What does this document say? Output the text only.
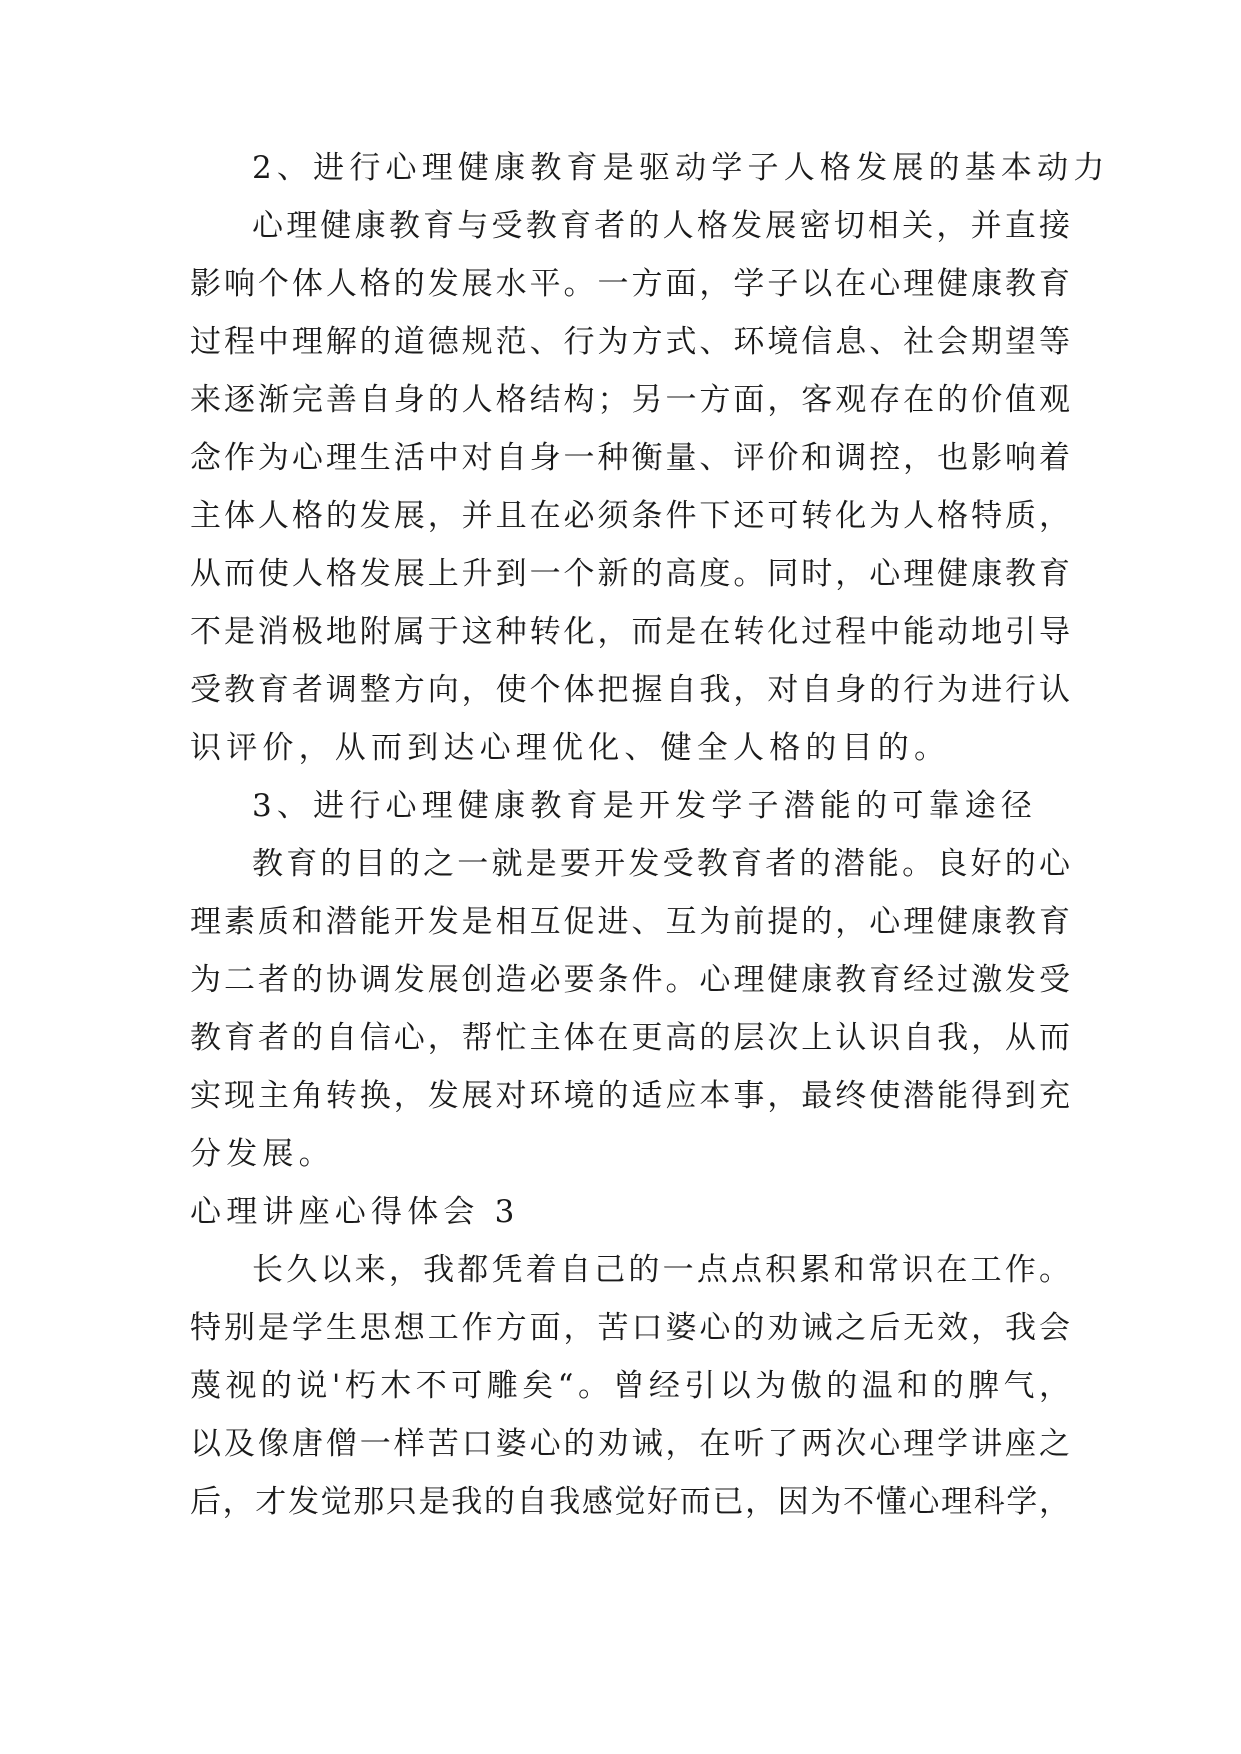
2、进行心理健康教育是驱动学子人格发展的基本动力
心理健康教育与受教育者的人格发展密切相关，并直接
影响个体人格的发展水平。一方面，学子以在心理健康教育
过程中理解的道德规范、行为方式、环境信息、社会期望等
来逐渐完善自身的人格结构；另一方面，客观存在的价值观
念作为心理生活中对自身一种衡量、评价和调控，也影响着
主体人格的发展，并且在必须条件下还可转化为人格特质，
从而使人格发展上升到一个新的高度。同时，心理健康教育
不是消极地附属于这种转化，而是在转化过程中能动地引导
受教育者调整方向，使个体把握自我，对自身的行为进行认
识评价，从而到达心理优化、健全人格的目的。
3、进行心理健康教育是开发学子潜能的可靠途径
教育的目的之一就是要开发受教育者的潜能。良好的心
理素质和潜能开发是相互促进、互为前提的，心理健康教育
为二者的协调发展创造必要条件。心理健康教育经过激发受
教育者的自信心，帮忙主体在更高的层次上认识自我，从而
实现主角转换，发展对环境的适应本事，最终使潜能得到充
分发展。
心理讲座心得体会 3
长久以来，我都凭着自己的一点点积累和常识在工作。
特别是学生思想工作方面，苦口婆心的劝诫之后无效，我会
蔑视的说'朽木不可雕矣“。曾经引以为傲的温和的脾气，
以及像唐僧一样苦口婆心的劝诫，在听了两次心理学讲座之
后，才发觉那只是我的自我感觉好而已，因为不懂心理科学，
